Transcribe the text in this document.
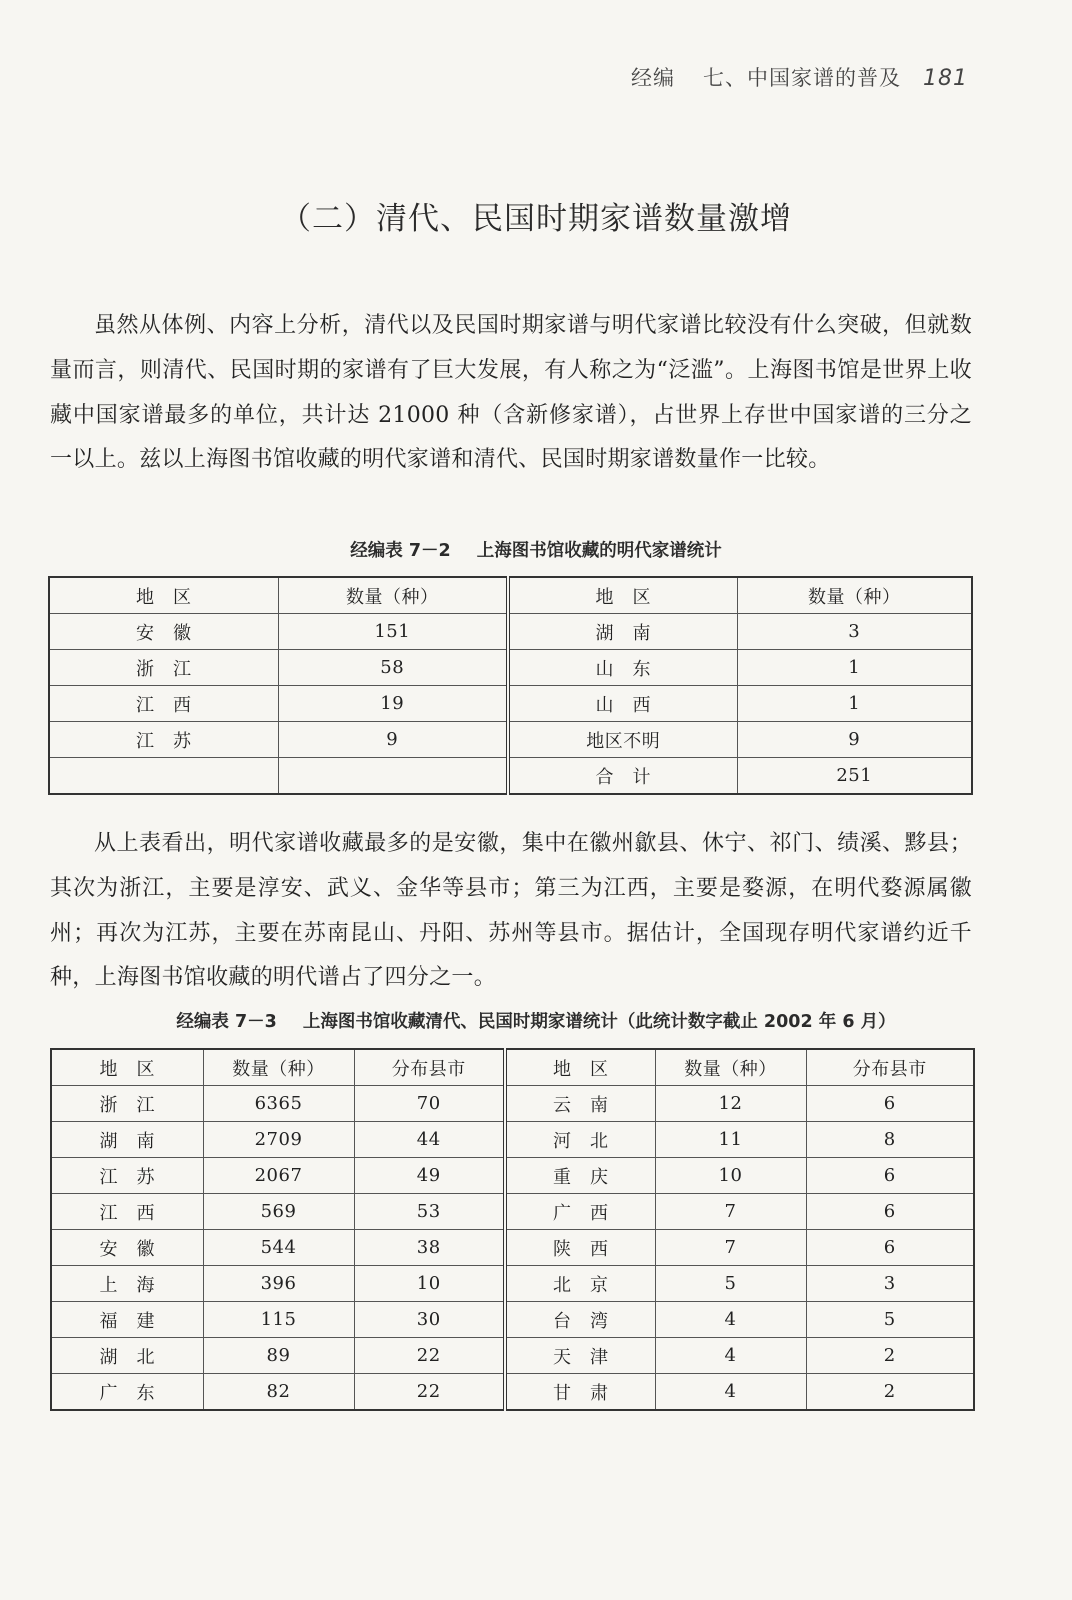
经编 七、中国家谱的普及 181
（二）清代、民国时期家谱数量激增

虽然从体例、内容上分析，清代以及民国时期家谱与明代家谱比较没有什么突破，但就数量而言，则清代、民国时期的家谱有了巨大发展，有人称之为“泛滥”。上海图书馆是世界上收藏中国家谱最多的单位，共计达 21000 种（含新修家谱），占世界上存世中国家谱的三分之一以上。兹以上海图书馆收藏的明代家谱和清代、民国时期家谱数量作一比较。

经编表 7－2 上海图书馆收藏的明代家谱统计
地　区	数量（种）	地　区	数量（种）
安　徽	151	湖　南	3
浙　江	58	山　东	1
江　西	19	山　西	1
江　苏	9	地区不明	9
		合　计	251

从上表看出，明代家谱收藏最多的是安徽，集中在徽州歙县、休宁、祁门、绩溪、黟县；其次为浙江，主要是淳安、武义、金华等县市；第三为江西，主要是婺源，在明代婺源属徽州；再次为江苏，主要在苏南昆山、丹阳、苏州等县市。据估计，全国现存明代家谱约近千种，上海图书馆收藏的明代谱占了四分之一。

经编表 7－3 上海图书馆收藏清代、民国时期家谱统计（此统计数字截止 2002 年 6 月）
地　区	数量（种）	分布县市	地　区	数量（种）	分布县市
浙　江	6365	70	云　南	12	6
湖　南	2709	44	河　北	11	8
江　苏	2067	49	重　庆	10	6
江　西	569	53	广　西	7	6
安　徽	544	38	陕　西	7	6
上　海	396	10	北　京	5	3
福　建	115	30	台　湾	4	5
湖　北	89	22	天　津	4	2
广　东	82	22	甘　肃	4	2
